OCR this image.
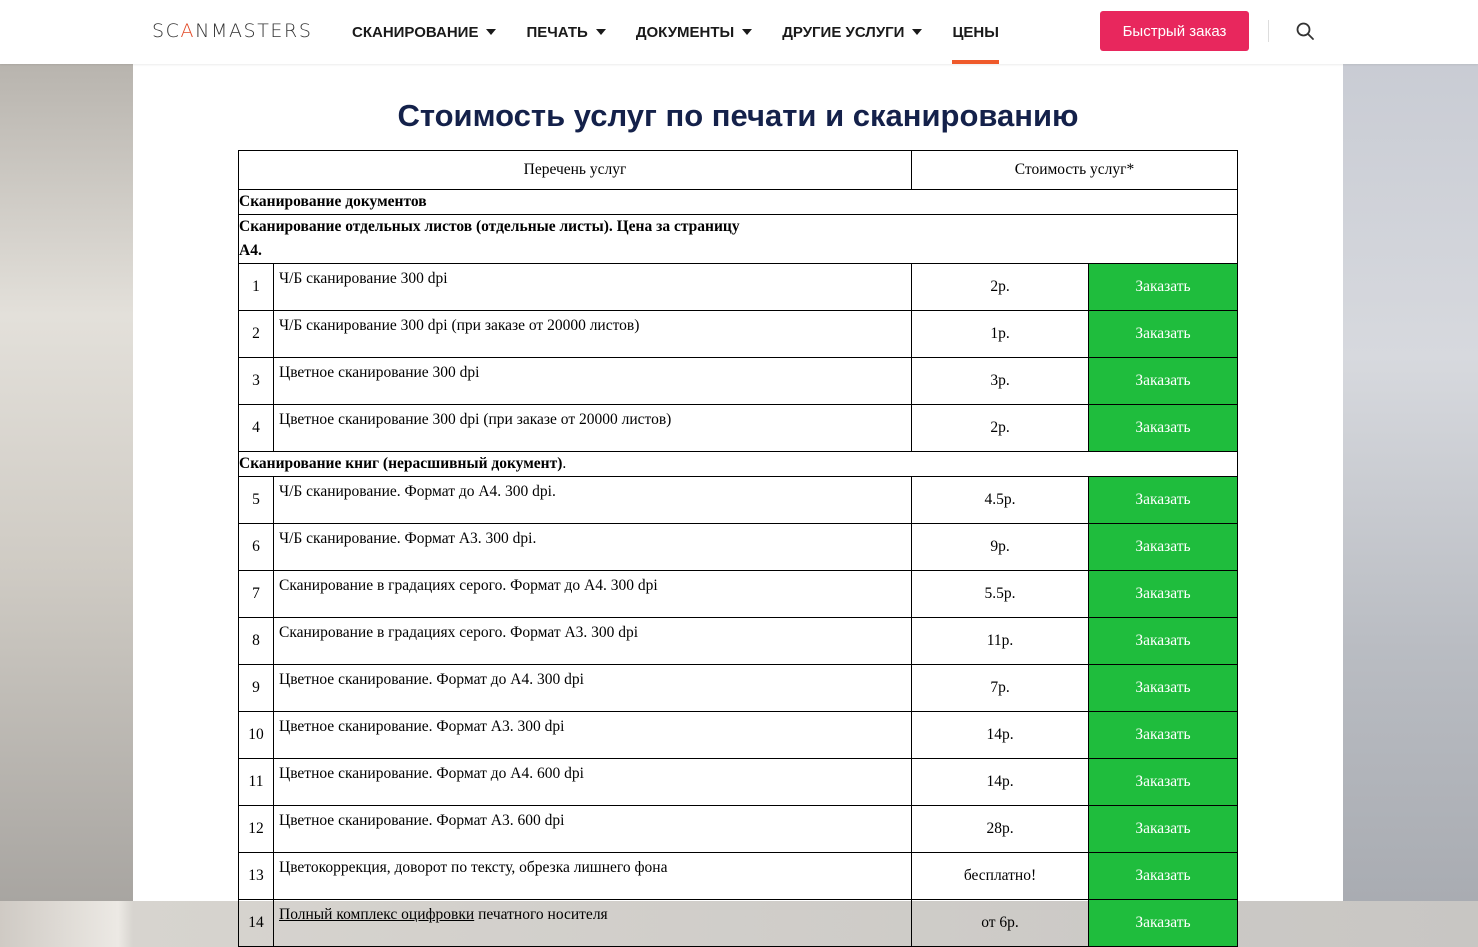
SCANMASTERS	СКАНИРОВАНИЕ	ПЕЧАТЬ	ДОКУМЕНТЫ	ДРУГИЕ УСЛУГИ	ЦЕНЫ	Быстрый заказ
Стоимость услуг по печати и сканированию
Перечень услуг		Стоимость услуг*	
Сканирование документов			
Сканирование отдельных листов (отдельные листы). Цена за страницу
А4.			
1	Ч/Б сканирование 300 dpi	2р.	Заказать
2	Ч/Б сканирование 300 dpi (при заказе от 20000 листов)	1р.	Заказать
3	Цветное сканирование 300 dpi	3р.	Заказать
4	Цветное сканирование 300 dpi (при заказе от 20000 листов)	2р.	Заказать
Сканирование книг (нерасшивный документ).			
5	Ч/Б сканирование. Формат до А4. 300 dpi.	4.5р.	Заказать
6	Ч/Б сканирование. Формат А3. 300 dpi.	9р.	Заказать
7	Сканирование в градациях серого. Формат до А4. 300 dpi	5.5р.	Заказать
8	Сканирование в градациях серого. Формат А3. 300 dpi	11р.	Заказать
9	Цветное сканирование. Формат до А4. 300 dpi	7р.	Заказать
10	Цветное сканирование. Формат А3. 300 dpi	14р.	Заказать
11	Цветное сканирование. Формат до А4. 600 dpi	14р.	Заказать
12	Цветное сканирование. Формат А3. 600 dpi	28р.	Заказать
13	Цветокоррекция, доворот по тексту, обрезка лишнего фона	бесплатно!	Заказать
14	Полный комплекс оцифровки печатного носителя	от 6р.	Заказать
